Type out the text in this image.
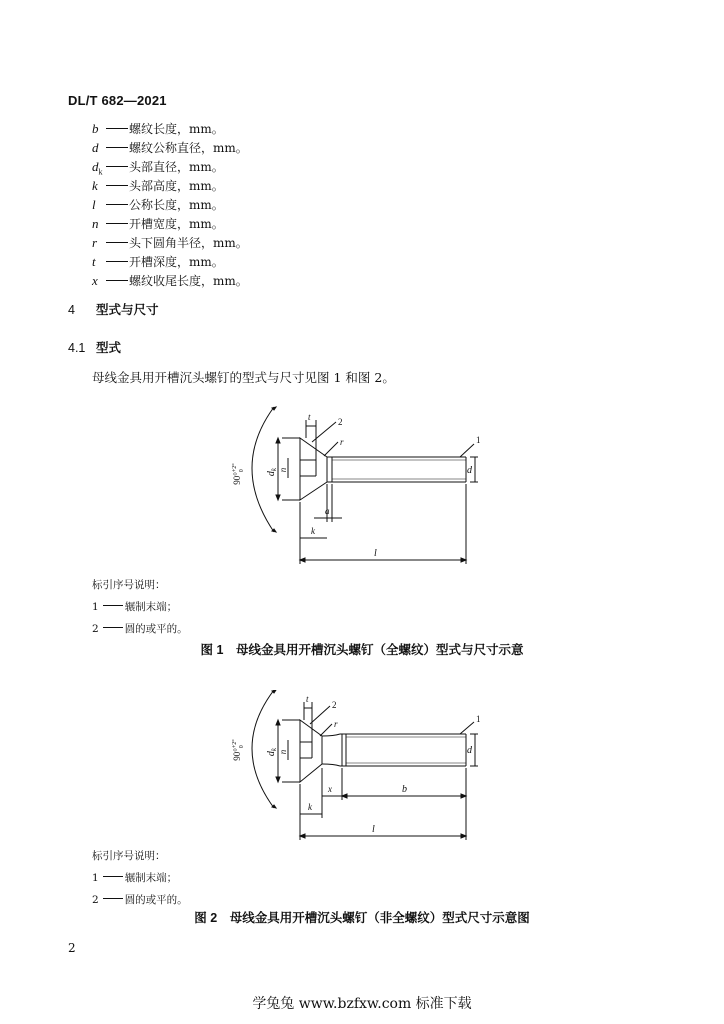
DL/T 682—2021
b	螺纹长度，mm。
d	螺纹公称直径，mm。
$d_k$ 头部直径，mm。
k	头部高度，mm。
l	公称长度，mm。
n	开槽宽度，mm。
r	头下圆角半径，mm。
t	开槽深度，mm。
x	螺纹收尾长度，mm。
4 型式与尺寸
4.1 型式
母线金具用开槽沉头螺钉的型式与尺寸见图 1 和图 2。
90°$^{+2^\circ}$0
$d_k$ n	d
t	2
r	1
a
k
l
标引序号说明：
1 辗制末端；
2 圆的或平的。
图 1　母线金具用开槽沉头螺钉（全螺纹）型式与尺寸示意
90°$^{+2^\circ}$0
$d_k$
n	d
t
2
r	1
x	b
k
l
标引序号说明：
1 辗制末端；
2 圆的或平的。
图 2　母线金具用开槽沉头螺钉（非全螺纹）型式尺寸示意图
2
学兔兔 www.bzfxw.com 标准下载
